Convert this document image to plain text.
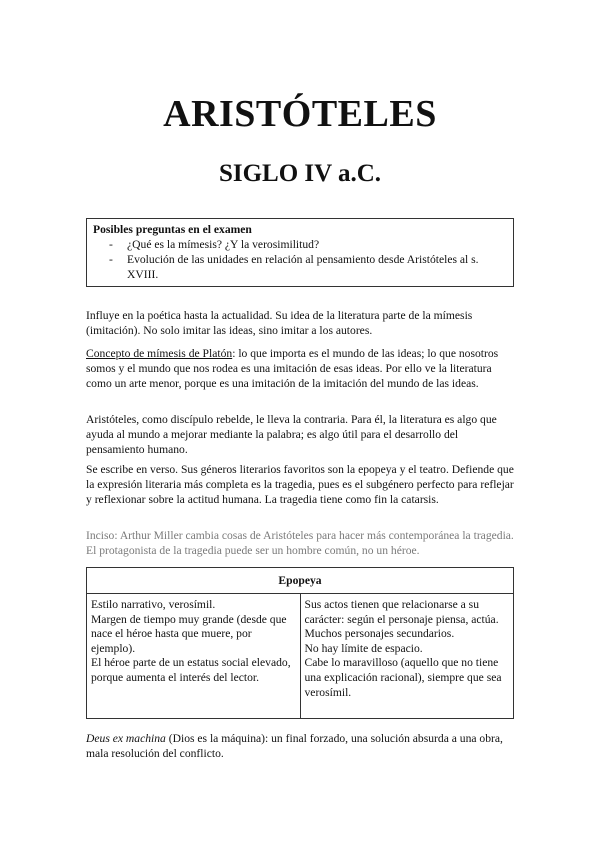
ARISTÓTELES
SIGLO IV a.C.
Posibles preguntas en el examen
- ¿Qué es la mímesis? ¿Y la verosimilitud?
- Evolución de las unidades en relación al pensamiento desde Aristóteles al s. XVIII.
Influye en la poética hasta la actualidad. Su idea de la literatura parte de la mímesis (imitación). No solo imitar las ideas, sino imitar a los autores.
Concepto de mímesis de Platón: lo que importa es el mundo de las ideas; lo que nosotros somos y el mundo que nos rodea es una imitación de esas ideas. Por ello ve la literatura como un arte menor, porque es una imitación de la imitación del mundo de las ideas.
Aristóteles, como discípulo rebelde, le lleva la contraria. Para él, la literatura es algo que ayuda al mundo a mejorar mediante la palabra; es algo útil para el desarrollo del pensamiento humano.
Se escribe en verso. Sus géneros literarios favoritos son la epopeya y el teatro. Defiende que la expresión literaria más completa es la tragedia, pues es el subgénero perfecto para reflejar y reflexionar sobre la actitud humana. La tragedia tiene como fin la catarsis.
Inciso: Arthur Miller cambia cosas de Aristóteles para hacer más contemporánea la tragedia. El protagonista de la tragedia puede ser un hombre común, no un héroe.
Epopeya
Estilo narrativo, verosímil.
Margen de tiempo muy grande (desde que nace el héroe hasta que muere, por ejemplo).
El héroe parte de un estatus social elevado, porque aumenta el interés del lector.
Sus actos tienen que relacionarse a su carácter: según el personaje piensa, actúa.
Muchos personajes secundarios.
No hay límite de espacio.
Cabe lo maravilloso (aquello que no tiene una explicación racional), siempre que sea verosímil.
Deus ex machina (Dios es la máquina): un final forzado, una solución absurda a una obra, mala resolución del conflicto.
